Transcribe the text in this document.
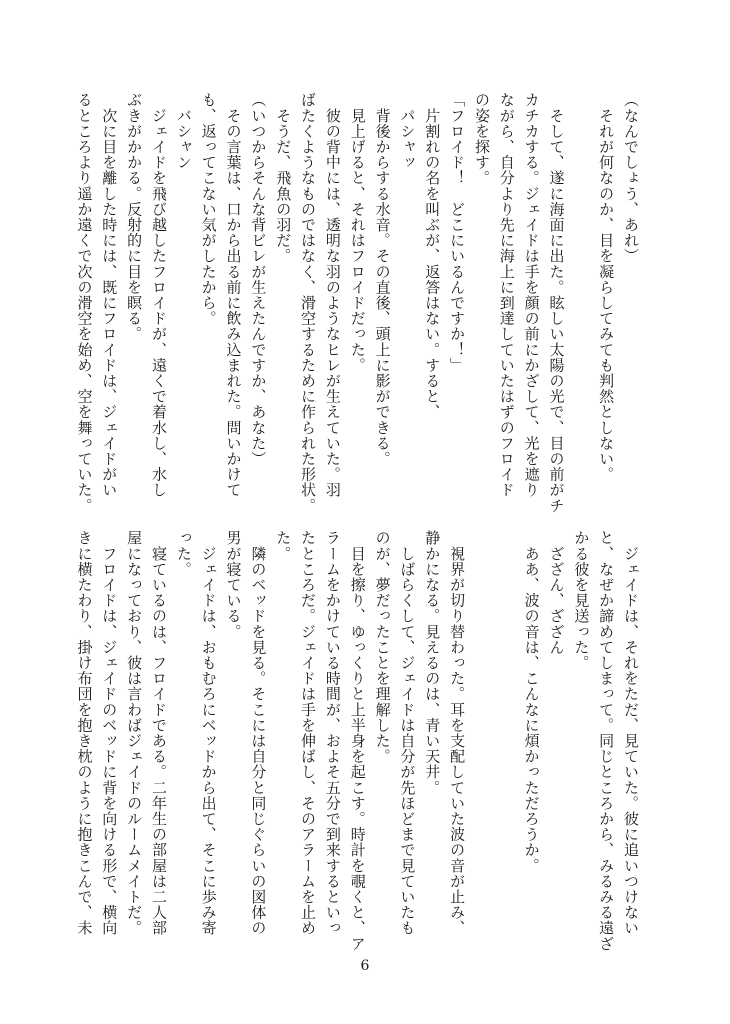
（なんでしょう、あれ）
　それが何なのか、目を凝らしてみても判然としない。

　そして、遂に海面に出た。眩しい太陽の光で、目の前がチ
カチカする。ジェイドは手を顔の前にかざして、光を遮り
ながら、自分より先に海上に到達していたはずのフロイド
の姿を探す。
「フロイド！　どこにいるんですか！」
　片割れの名を叫ぶが、返答はない。すると、
　パシャッ
　背後からする水音。その直後、頭上に影ができる。
　見上げると、それはフロイドだった。
　彼の背中には、透明な羽のようなヒレが生えていた。羽
ばたくようなものではなく、滑空するために作られた形状。
　そうだ、飛魚の羽だ。
（いつからそんな背ビレが生えたんですか、あなた）
　その言葉は、口から出る前に飲み込まれた。問いかけて
も、返ってこない気がしたから。
　バシャン
　ジェイドを飛び越したフロイドが、遠くで着水し、水し
ぶきがかかる。反射的に目を瞑る。
　次に目を離した時には、既にフロイドは、ジェイドがい
るところより遥か遠くで次の滑空を始め、空を舞っていた。
　ジェイドは、それをただ、見ていた。彼に追いつけない
と、なぜか諦めてしまって。同じところから、みるみる遠ざ
かる彼を見送った。
　ざざん、ざざん
　ああ、波の音は、こんなに煩かっただろうか。

　視界が切り替わった。耳を支配していた波の音が止み、
静かになる。見えるのは、青い天井。
　しばらくして、ジェイドは自分が先ほどまで見ていたも
のが、夢だったことを理解した。
　目を擦り、ゆっくりと上半身を起こす。時計を覗くと、ア
ラームをかけている時間が、およそ五分で到来するといっ
たところだ。ジェイドは手を伸ばし、そのアラームを止め
た。
　隣のベッドを見る。そこには自分と同じぐらいの図体の
男が寝ている。
　ジェイドは、おもむろにベッドから出て、そこに歩み寄
った。
　寝ているのは、フロイドである。二年生の部屋は二人部
屋になっており、彼は言わばジェイドのルームメイトだ。
　フロイドは、ジェイドのベッドに背を向ける形で、横向
きに横たわり、掛け布団を抱き枕のように抱きこんで、未
6
